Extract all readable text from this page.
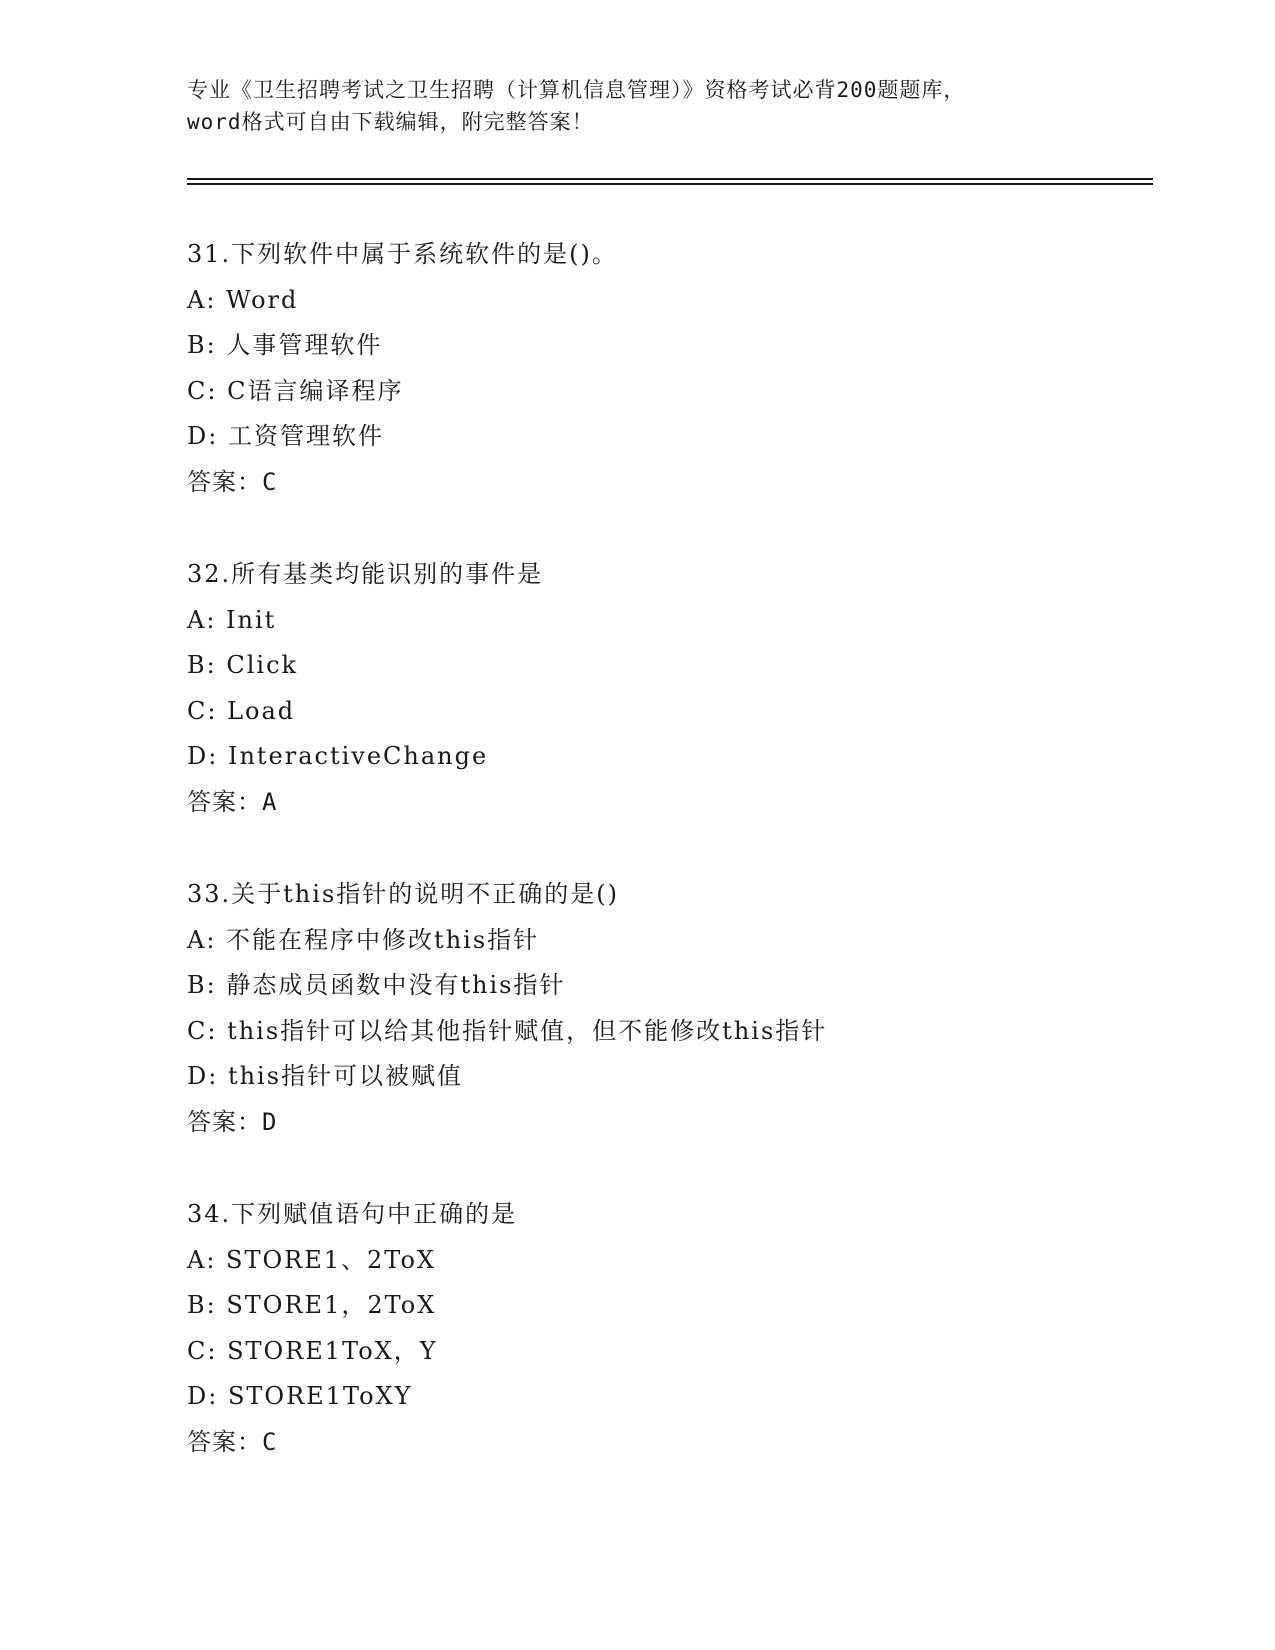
专业《卫生招聘考试之卫生招聘（计算机信息管理）》资格考试必背200题题库，
word格式可自由下载编辑，附完整答案！
31.下列软件中属于系统软件的是()。
A: Word
B: 人事管理软件
C: C语言编译程序
D: 工资管理软件
答案：C
32.所有基类均能识别的事件是
A: Init
B: Click
C: Load
D: InteractiveChange
答案：A
33.关于this指针的说明不正确的是()
A: 不能在程序中修改this指针
B: 静态成员函数中没有this指针
C: this指针可以给其他指针赋值，但不能修改this指针
D: this指针可以被赋值
答案：D
34.下列赋值语句中正确的是
A: STORE1、2ToX
B: STORE1，2ToX
C: STORE1ToX，Y
D: STORE1ToXY
答案：C
